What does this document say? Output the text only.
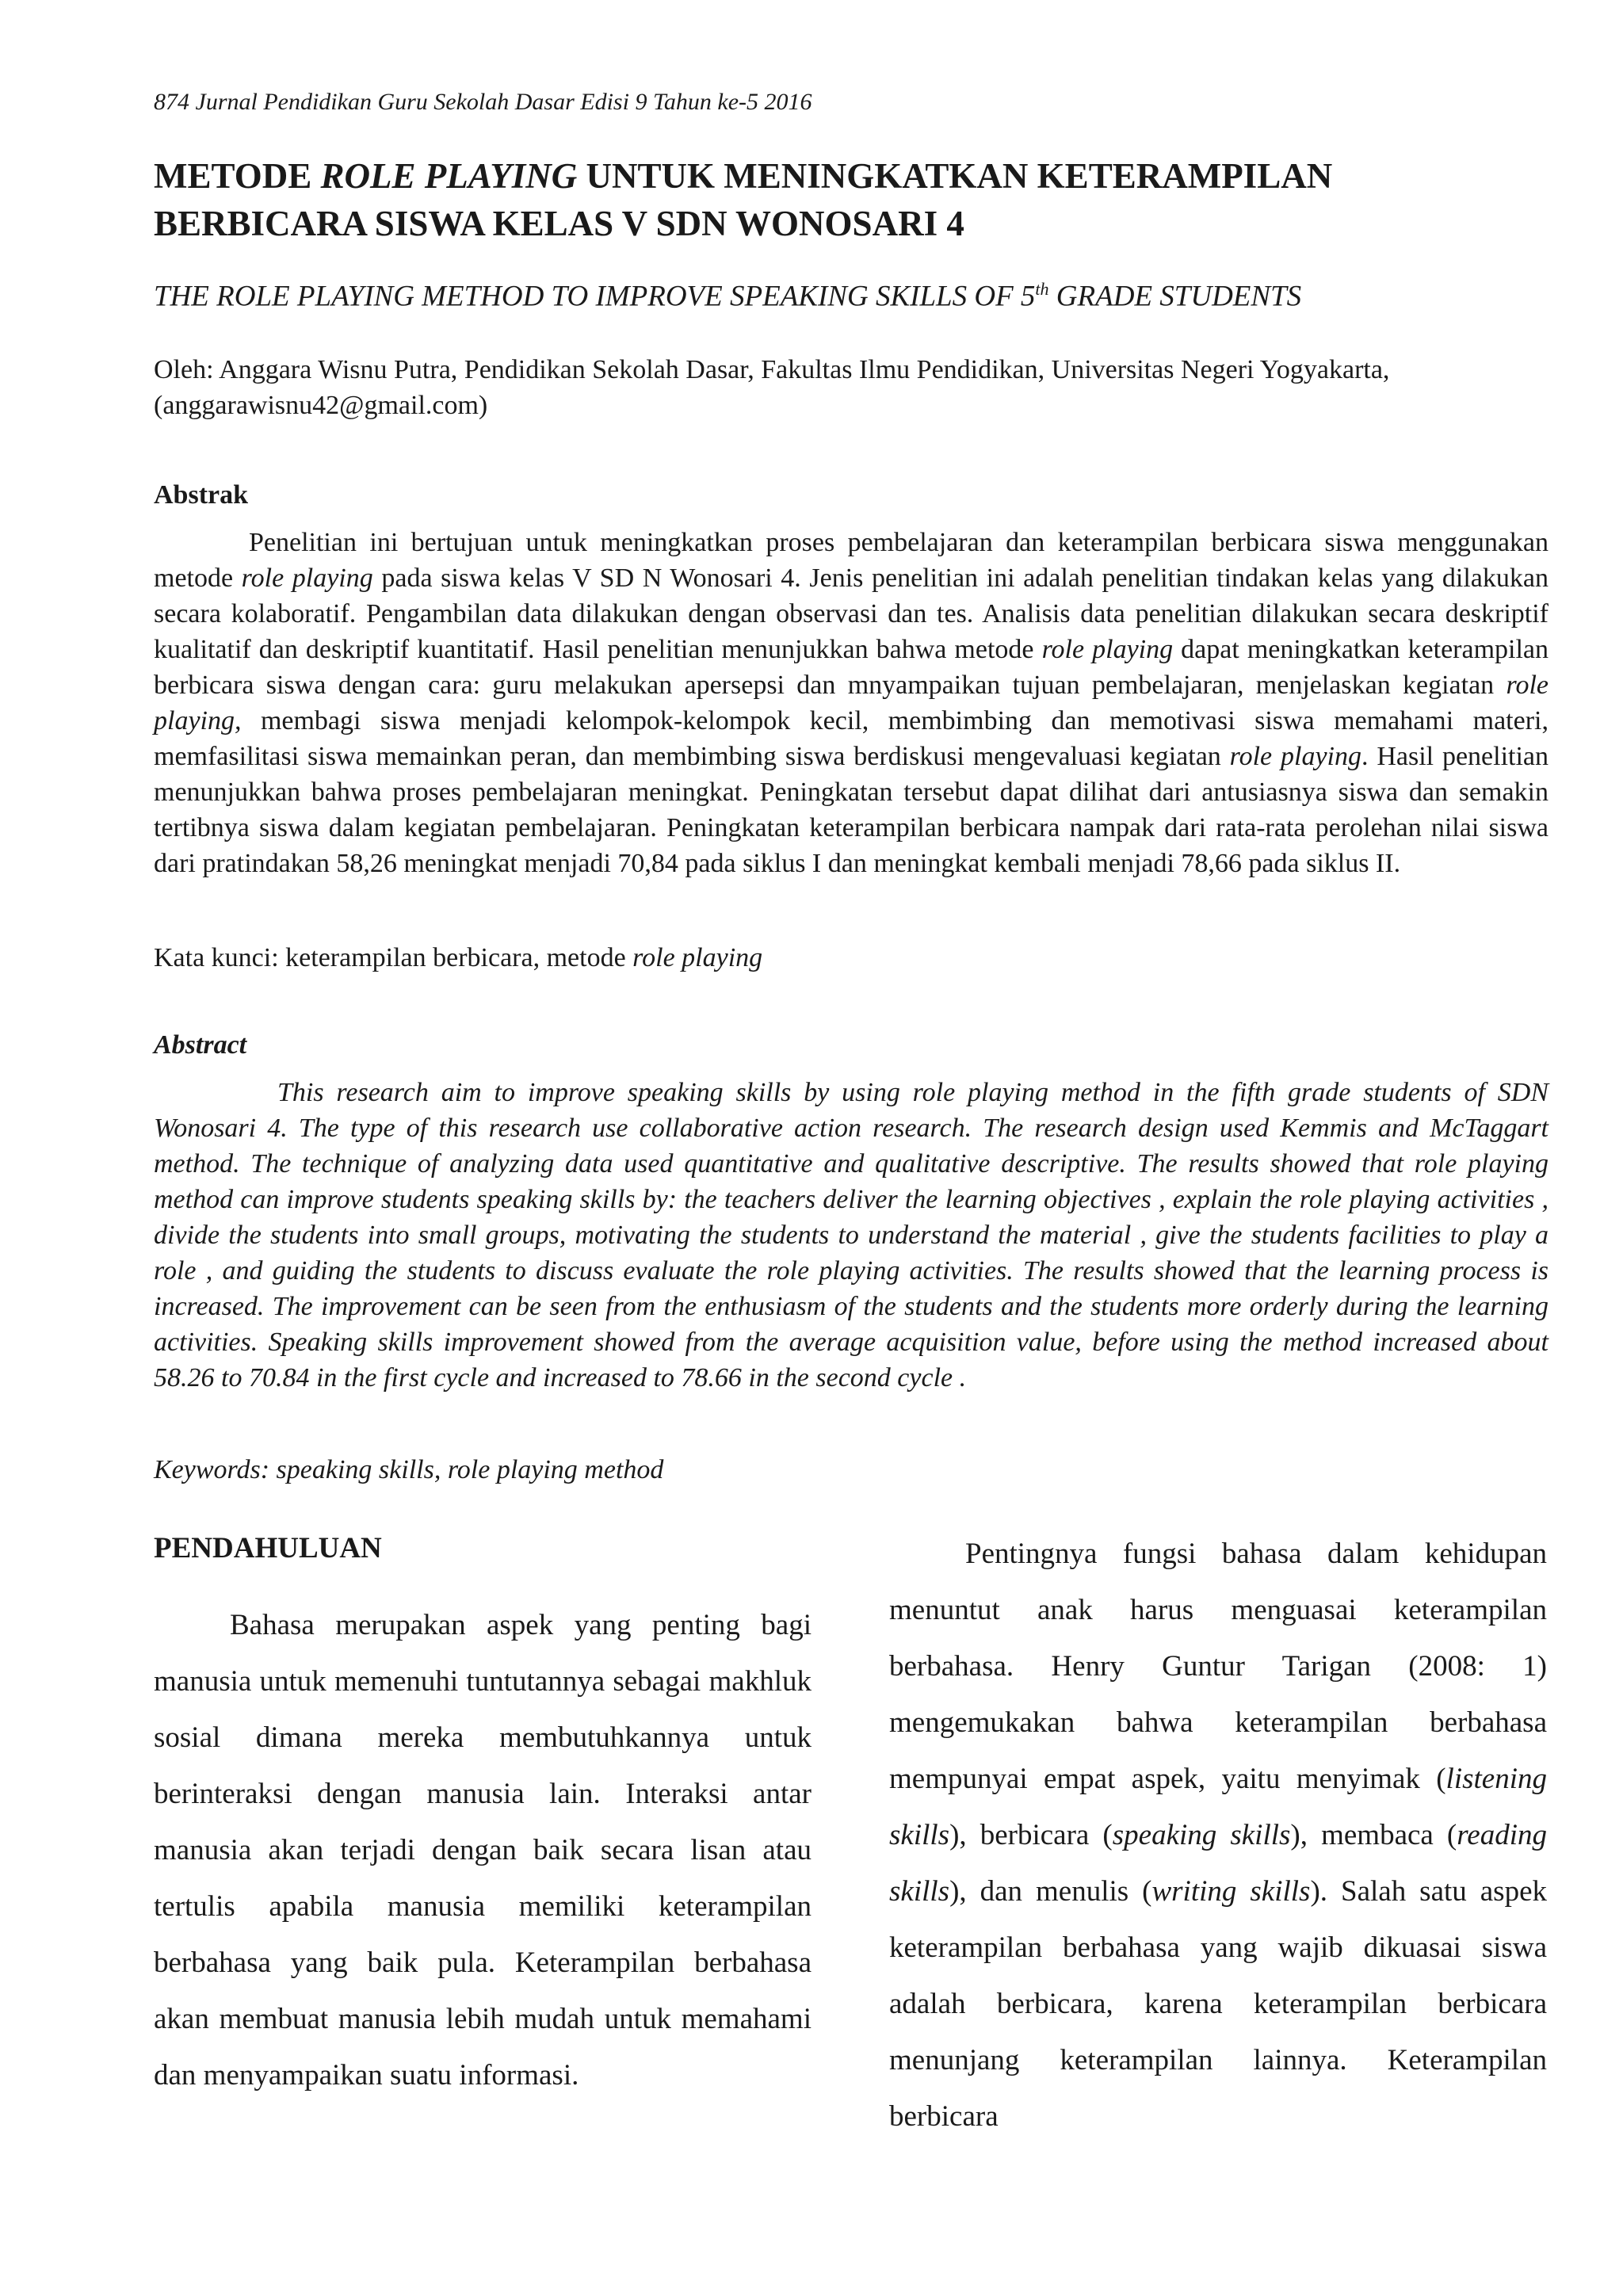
874 Jurnal Pendidikan Guru Sekolah Dasar Edisi 9 Tahun ke-5 2016
METODE ROLE PLAYING UNTUK MENINGKATKAN KETERAMPILAN BERBICARA SISWA KELAS V SDN WONOSARI 4
THE ROLE PLAYING METHOD TO IMPROVE SPEAKING SKILLS OF 5th GRADE STUDENTS
Oleh: Anggara Wisnu Putra, Pendidikan Sekolah Dasar, Fakultas Ilmu Pendidikan, Universitas Negeri Yogyakarta, (anggarawisnu42@gmail.com)
Abstrak

Penelitian ini bertujuan untuk meningkatkan proses pembelajaran dan keterampilan berbicara siswa menggunakan metode role playing pada siswa kelas V SD N Wonosari 4. Jenis penelitian ini adalah penelitian tindakan kelas yang dilakukan secara kolaboratif. Pengambilan data dilakukan dengan observasi dan tes. Analisis data penelitian dilakukan secara deskriptif kualitatif dan deskriptif kuantitatif. Hasil penelitian menunjukkan bahwa metode role playing dapat meningkatkan keterampilan berbicara siswa dengan cara: guru melakukan apersepsi dan mnyampaikan tujuan pembelajaran, menjelaskan kegiatan role playing, membagi siswa menjadi kelompok-kelompok kecil, membimbing dan memotivasi siswa memahami materi, memfasilitasi siswa memainkan peran, dan membimbing siswa berdiskusi mengevaluasi kegiatan role playing. Hasil penelitian menunjukkan bahwa proses pembelajaran meningkat. Peningkatan tersebut dapat dilihat dari antusiasnya siswa dan semakin tertibnya siswa dalam kegiatan pembelajaran. Peningkatan keterampilan berbicara nampak dari rata-rata perolehan nilai siswa dari pratindakan 58,26 meningkat menjadi 70,84 pada siklus I dan meningkat kembali menjadi 78,66 pada siklus II.

Kata kunci: keterampilan berbicara, metode role playing
Abstract

This research aim to improve speaking skills by using role playing method in the fifth grade students of SDN Wonosari 4. The type of this research use collaborative action research. The research design used Kemmis and McTaggart method. The technique of analyzing data used quantitative and qualitative descriptive. The results showed that role playing method can improve students speaking skills by: the teachers deliver the learning objectives , explain the role playing activities , divide the students into small groups, motivating the students to understand the material , give the students facilities to play a role , and guiding the students to discuss evaluate the role playing activities. The results showed that the learning process is increased. The improvement can be seen from the enthusiasm of the students and the students more orderly during the learning activities. Speaking skills improvement showed from the average acquisition value, before using the method increased about 58.26 to 70.84 in the first cycle and increased to 78.66 in the second cycle .

Keywords: speaking skills, role playing method
PENDAHULUAN

Bahasa merupakan aspek yang penting bagi manusia untuk memenuhi tuntutannya sebagai makhluk sosial dimana mereka membutuhkannya untuk berinteraksi dengan manusia lain. Interaksi antar manusia akan terjadi dengan baik secara lisan atau tertulis apabila manusia memiliki keterampilan berbahasa yang baik pula. Keterampilan berbahasa akan membuat manusia lebih mudah untuk memahami dan menyampaikan suatu informasi.

Pentingnya fungsi bahasa dalam kehidupan menuntut anak harus menguasai keterampilan berbahasa. Henry Guntur Tarigan (2008: 1) mengemukakan bahwa keterampilan berbahasa mempunyai empat aspek, yaitu menyimak (listening skills), berbicara (speaking skills), membaca (reading skills), dan menulis (writing skills). Salah satu aspek keterampilan berbahasa yang wajib dikuasai siswa adalah berbicara, karena keterampilan berbicara menunjang keterampilan lainnya. Keterampilan berbicara
